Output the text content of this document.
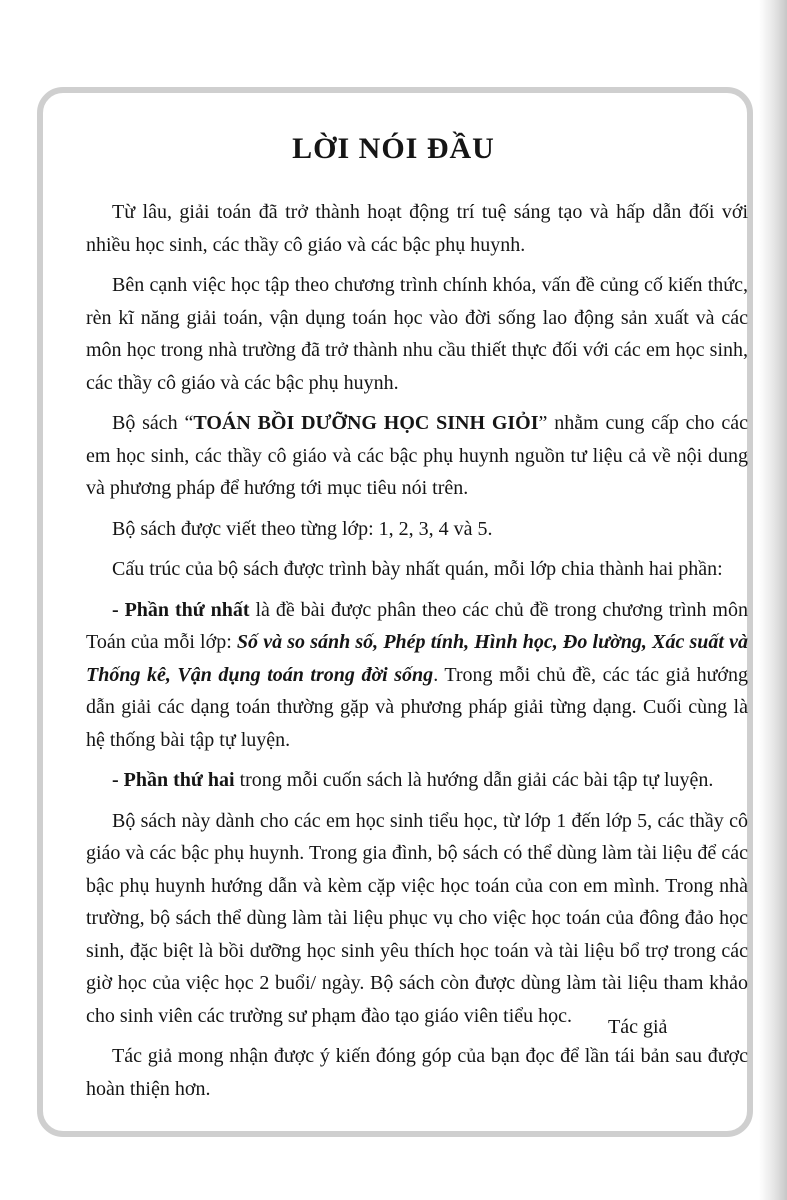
LỜI NÓI ĐẦU

Từ lâu, giải toán đã trở thành hoạt động trí tuệ sáng tạo và hấp dẫn đối với nhiều học sinh, các thầy cô giáo và các bậc phụ huynh.

Bên cạnh việc học tập theo chương trình chính khóa, vấn đề củng cố kiến thức, rèn kĩ năng giải toán, vận dụng toán học vào đời sống lao động sản xuất và các môn học trong nhà trường đã trở thành nhu cầu thiết thực đối với các em học sinh, các thầy cô giáo và các bậc phụ huynh.

Bộ sách “TOÁN BỒI DƯỠNG HỌC SINH GIỎI” nhằm cung cấp cho các em học sinh, các thầy cô giáo và các bậc phụ huynh nguồn tư liệu cả về nội dung và phương pháp để hướng tới mục tiêu nói trên.

Bộ sách được viết theo từng lớp: 1, 2, 3, 4 và 5.

Cấu trúc của bộ sách được trình bày nhất quán, mỗi lớp chia thành hai phần:

- Phần thứ nhất là đề bài được phân theo các chủ đề trong chương trình môn Toán của mỗi lớp: Số và so sánh số, Phép tính, Hình học, Đo lường, Xác suất và Thống kê, Vận dụng toán trong đời sống. Trong mỗi chủ đề, các tác giả hướng dẫn giải các dạng toán thường gặp và phương pháp giải từng dạng. Cuối cùng là hệ thống bài tập tự luyện.

- Phần thứ hai trong mỗi cuốn sách là hướng dẫn giải các bài tập tự luyện.

Bộ sách này dành cho các em học sinh tiểu học, từ lớp 1 đến lớp 5, các thầy cô giáo và các bậc phụ huynh. Trong gia đình, bộ sách có thể dùng làm tài liệu để các bậc phụ huynh hướng dẫn và kèm cặp việc học toán của con em mình. Trong nhà trường, bộ sách thể dùng làm tài liệu phục vụ cho việc học toán của đông đảo học sinh, đặc biệt là bồi dưỡng học sinh yêu thích học toán và tài liệu bổ trợ trong các giờ học của việc học 2 buổi/ ngày. Bộ sách còn được dùng làm tài liệu tham khảo cho sinh viên các trường sư phạm đào tạo giáo viên tiểu học.

Tác giả mong nhận được ý kiến đóng góp của bạn đọc để lần tái bản sau được hoàn thiện hơn.

Tác giả
